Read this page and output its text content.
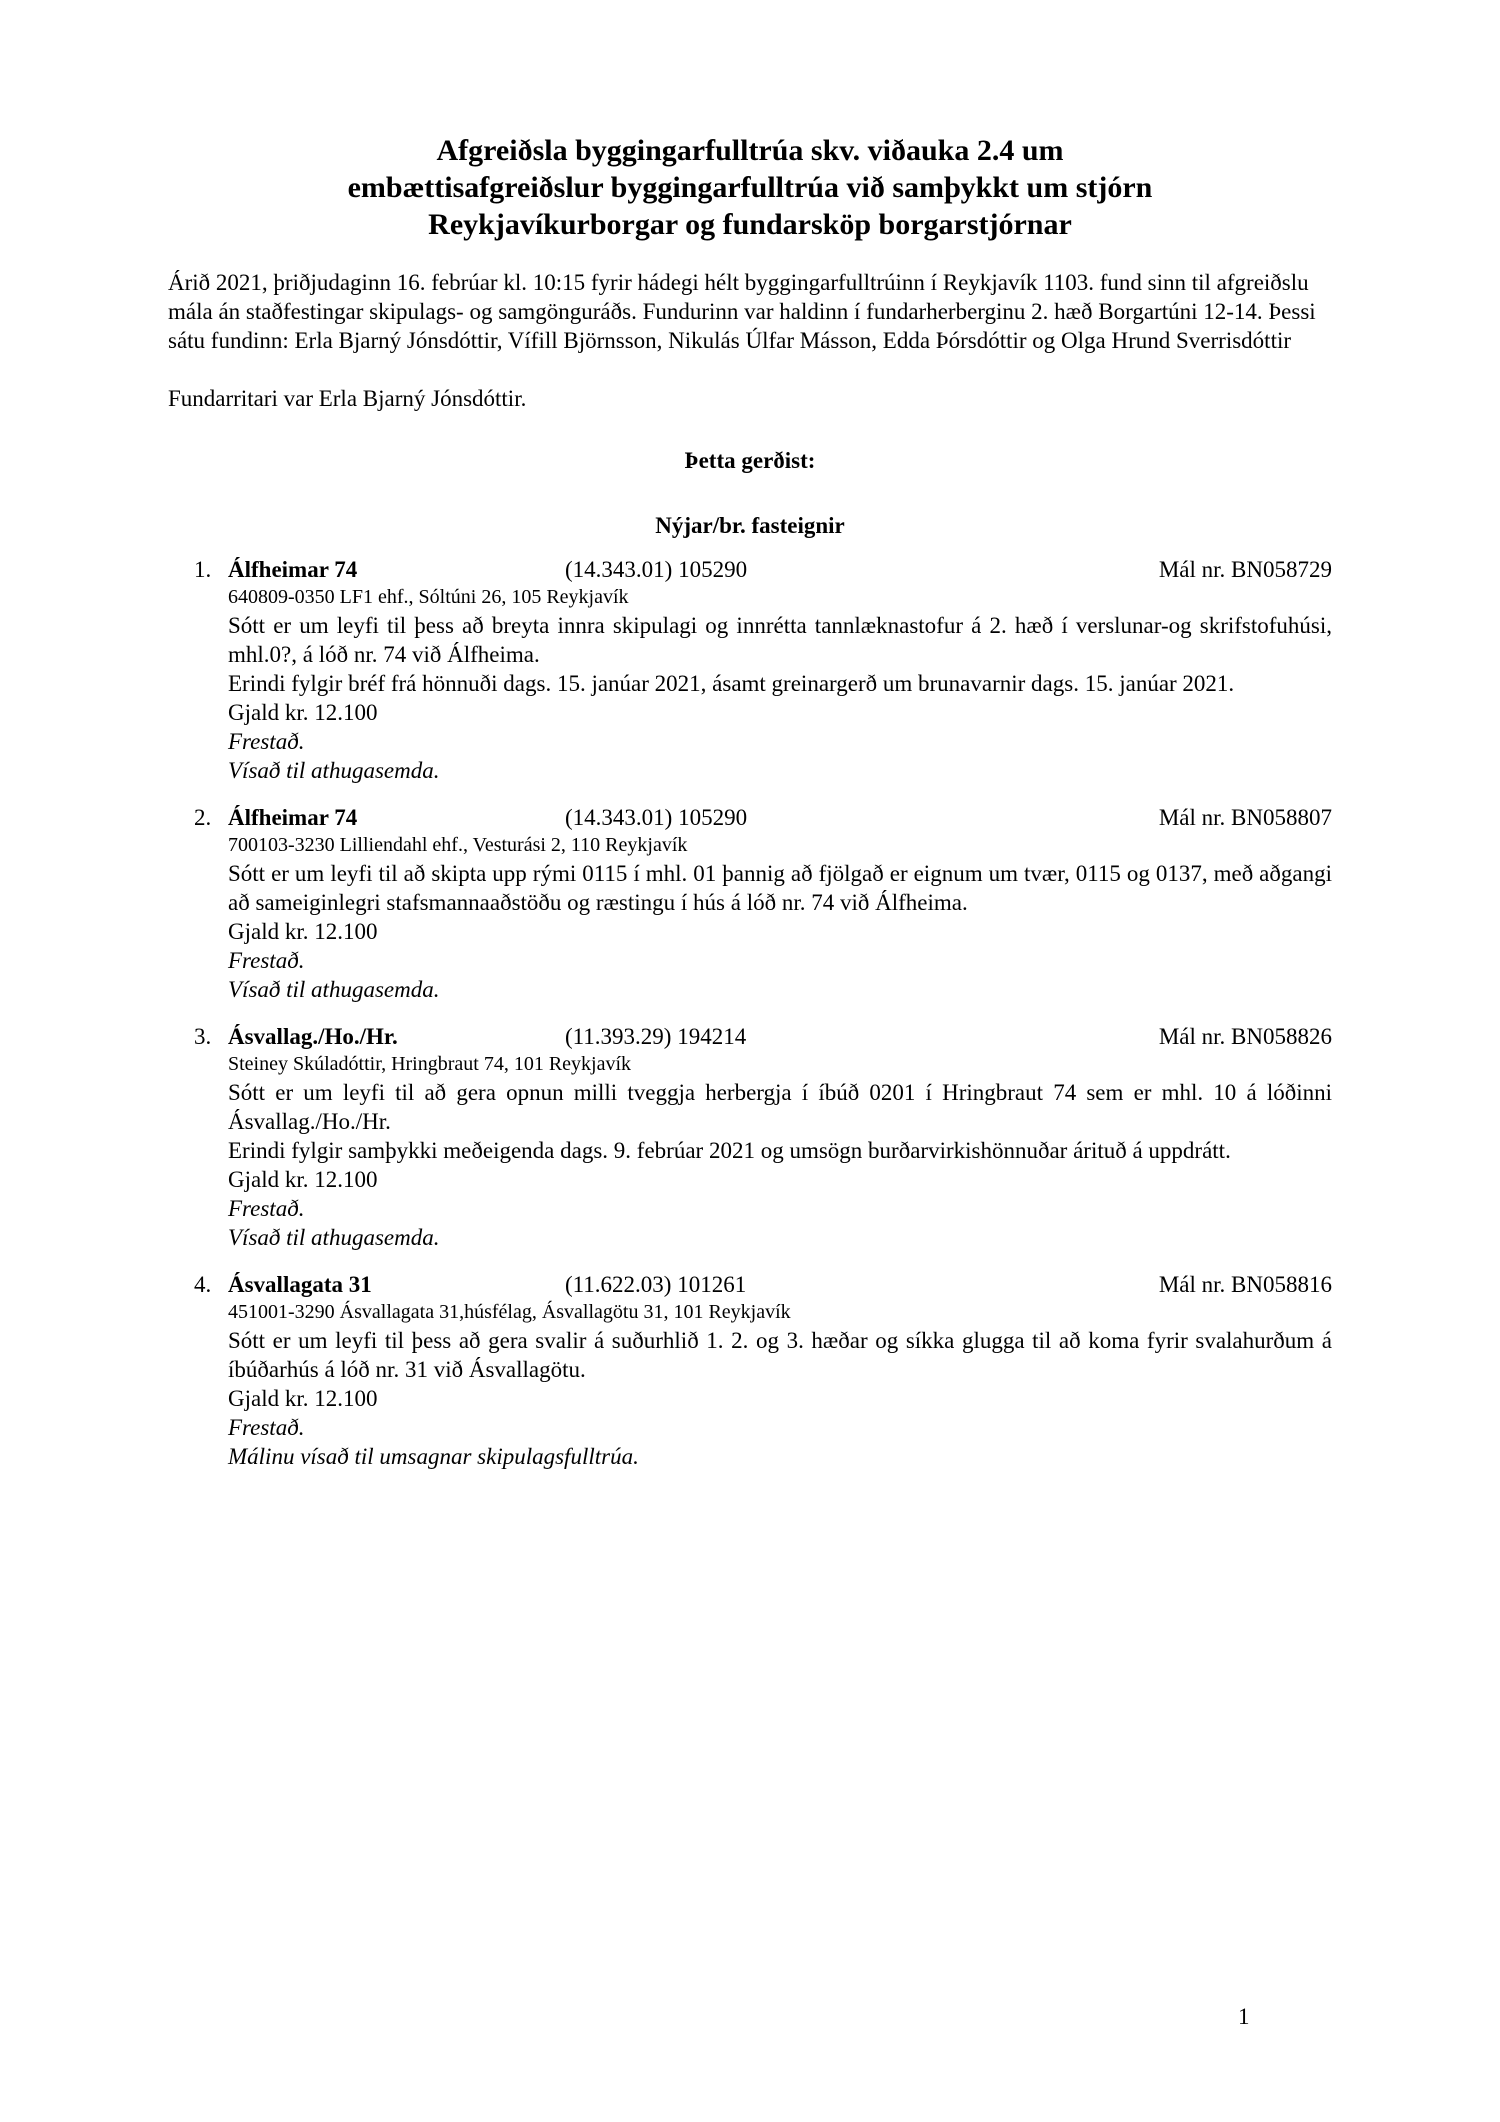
Afgreiðsla byggingarfulltrúa skv. viðauka 2.4 um
embættisafgreiðslur byggingarfulltrúa við samþykkt um stjórn
Reykjavíkurborgar og fundarsköp borgarstjórnar

Árið 2021, þriðjudaginn 16. febrúar kl. 10:15 fyrir hádegi hélt byggingarfulltrúinn í Reykjavík 1103. fund sinn til afgreiðslu mála án staðfestingar skipulags- og samgönguráðs. Fundurinn var haldinn í fundarherberginu 2. hæð Borgartúni 12-14. Þessi sátu fundinn: Erla Bjarný Jónsdóttir, Vífill Björnsson, Nikulás Úlfar Másson, Edda Þórsdóttir og Olga Hrund Sverrisdóttir

Fundarritari var Erla Bjarný Jónsdóttir.

Þetta gerðist:
Nýjar/br. fasteignir
1. Álfheimar 74	(14.343.01) 105290	Mál nr. BN058729
640809-0350 LF1 ehf., Sóltúni 26, 105 Reykjavík

Sótt er um leyfi til þess að breyta innra skipulagi og innrétta tannlæknastofur á 2. hæð í verslunar-og skrifstofuhúsi, mhl.0?, á lóð nr. 74 við Álfheima.

Erindi fylgir bréf frá hönnuði dags. 15. janúar 2021, ásamt greinargerð um brunavarnir dags. 15. janúar 2021.

Gjald kr. 12.100
Frestað.
Vísað til athugasemda.
2. Álfheimar 74	(14.343.01) 105290	Mál nr. BN058807
700103-3230 Lilliendahl ehf., Vesturási 2, 110 Reykjavík

Sótt er um leyfi til að skipta upp rými 0115 í mhl. 01 þannig að fjölgað er eignum um tvær, 0115 og 0137, með aðgangi að sameiginlegri stafsmannaaðstöðu og ræstingu í hús á lóð nr. 74 við Álfheima.

Gjald kr. 12.100
Frestað.
Vísað til athugasemda.
3. Ásvallag./Ho./Hr.	(11.393.29) 194214	Mál nr. BN058826
Steiney Skúladóttir, Hringbraut 74, 101 Reykjavík

Sótt er um leyfi til að gera opnun milli tveggja herbergja í íbúð 0201 í Hringbraut 74 sem er mhl. 10 á lóðinni Ásvallag./Ho./Hr.

Erindi fylgir samþykki meðeigenda dags. 9. febrúar 2021 og umsögn burðarvirkishönnuðar árituð á uppdrátt.

Gjald kr. 12.100
Frestað.
Vísað til athugasemda.
4. Ásvallagata 31	(11.622.03) 101261	Mál nr. BN058816
451001-3290 Ásvallagata 31,húsfélag, Ásvallagötu 31, 101 Reykjavík

Sótt er um leyfi til þess að gera svalir á suðurhlið 1. 2. og 3. hæðar og síkka glugga til að koma fyrir svalahurðum á íbúðarhús á lóð nr. 31 við Ásvallagötu.

Gjald kr. 12.100
Frestað.
Málinu vísað til umsagnar skipulagsfulltrúa.
1
